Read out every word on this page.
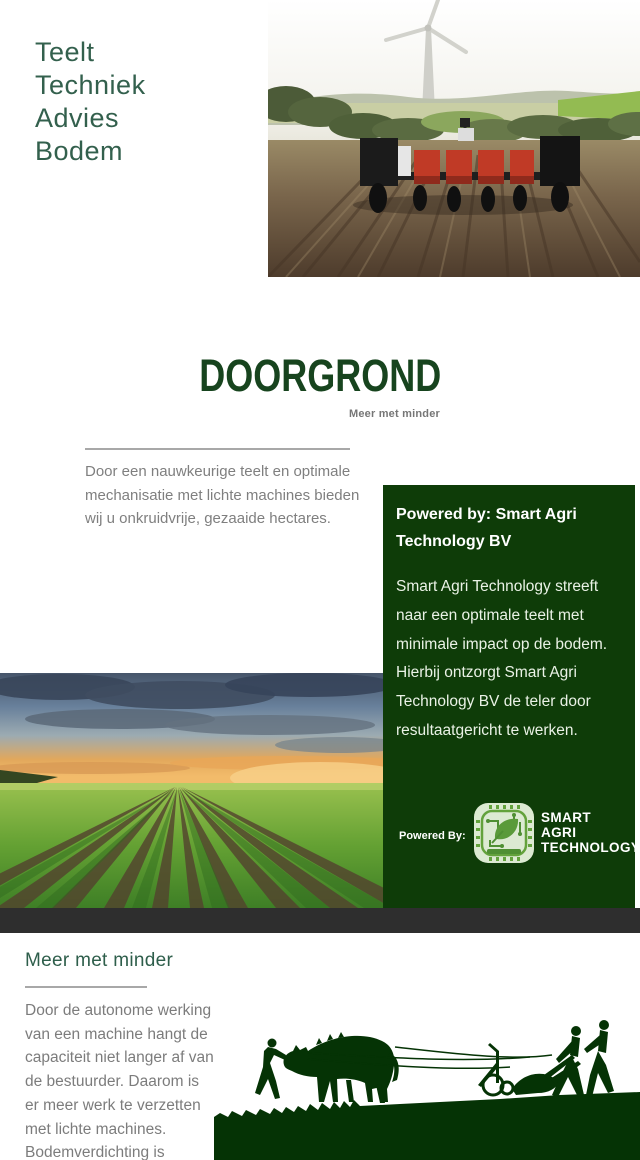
Teelt
Techniek
Advies
Bodem
DOORGROND
Meer met minder
Door een nauwkeurige teelt en optimale mechanisatie met lichte machines bieden wij u onkruidvrije, gezaaide hectares.	Powered by: Smart Agri Technology BV
Smart Agri Technology streeft naar een optimale teelt met minimale impact op de bodem. Hierbij ontzorgt Smart Agri Technology BV de teler door resultaatgericht te werken.
Powered By:
SMART
AGRI
TECHNOLOGY
Meer met minder
Door de autonome werking van een machine hangt de capaciteit niet langer af van de bestuurder. Daarom is er meer werk te verzetten met lichte machines. Bodemverdichting is
